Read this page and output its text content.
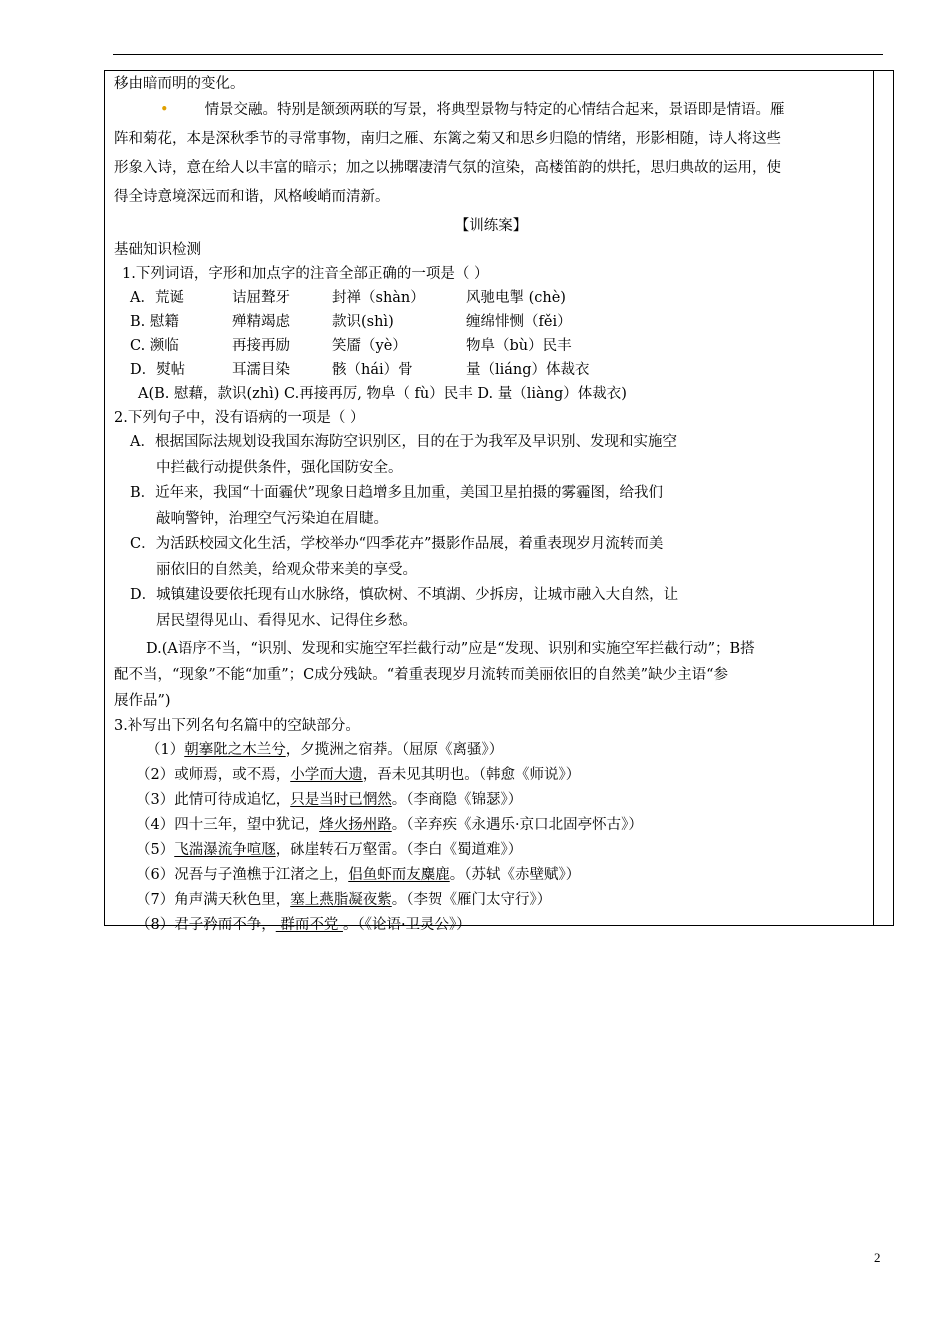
移由暗而明的变化。
• 情景交融。特别是颔颈两联的写景，将典型景物与特定的心情结合起来，景语即是情语。雁
阵和菊花，本是深秋季节的寻常事物，南归之雁、东篱之菊又和思乡归隐的情绪，形影相随，诗人将这些
形象入诗，意在给人以丰富的暗示；加之以拂曙凄清气氛的渲染，高楼笛韵的烘托，思归典故的运用，使
得全诗意境深远而和谐，风格峻峭而清新。
【训练案】
基础知识检测
1.下列词语，字形和加点字的注音全部正确的一项是（ ）
A．荒诞	诘屈聱牙	封禅（shàn）	风驰电掣 (chè)
B. 慰籍	殚精竭虑	款识(shì)	缠绵悱恻（fěi）
C. 濒临	再接再励	笑靥（yè）	物阜（bù）民丰
D．熨帖	耳濡目染	骸（hái）骨	量（liáng）体裁衣
A(B. 慰藉，款识(zhì) C.再接再厉, 物阜（ fù）民丰 D. 量（liàng）体裁衣)
2.下列句子中，没有语病的一项是（ ）
A．根据国际法规划设我国东海防空识别区，目的在于为我军及早识别、发现和实施空
中拦截行动提供条件，强化国防安全。
B．近年来，我国“十面霾伏”现象日趋增多且加重，美国卫星拍摄的雾霾图，给我们
敲响警钟，治理空气污染迫在眉睫。
C．为活跃校园文化生活，学校举办“四季花卉”摄影作品展，着重表现岁月流转而美
丽依旧的自然美，给观众带来美的享受。
D．城镇建设要依托现有山水脉络，慎砍树、不填湖、少拆房，让城市融入大自然，让
居民望得见山、看得见水、记得住乡愁。
D.(A语序不当，“识别、发现和实施空军拦截行动”应是“发现、识别和实施空军拦截行动”；B搭
配不当，“现象”不能“加重”；C成分残缺。“着重表现岁月流转而美丽依旧的自然美”缺少主语“参
展作品”)
3.补写出下列名句名篇中的空缺部分。
（1）朝搴阰之木兰兮，夕揽洲之宿莽。（屈原《离骚》）
（2）或师焉，或不焉，小学而大遗，吾未见其明也。（韩愈《师说》）
（3）此情可待成追忆，只是当时已惘然。（李商隐《锦瑟》）
（4）四十三年，望中犹记，烽火扬州路。（辛弃疾《永遇乐·京口北固亭怀古》）
（5）飞湍瀑流争喧豗，砯崖转石万壑雷。（李白《蜀道难》）
（6）况吾与子渔樵于江渚之上，侣鱼虾而友麋鹿。（苏轼《赤壁赋》）
（7）角声满天秋色里，塞上燕脂凝夜紫。（李贺《雁门太守行》）
（8）君子矜而不争， 群而不党 。（《论语·卫灵公》）
2
